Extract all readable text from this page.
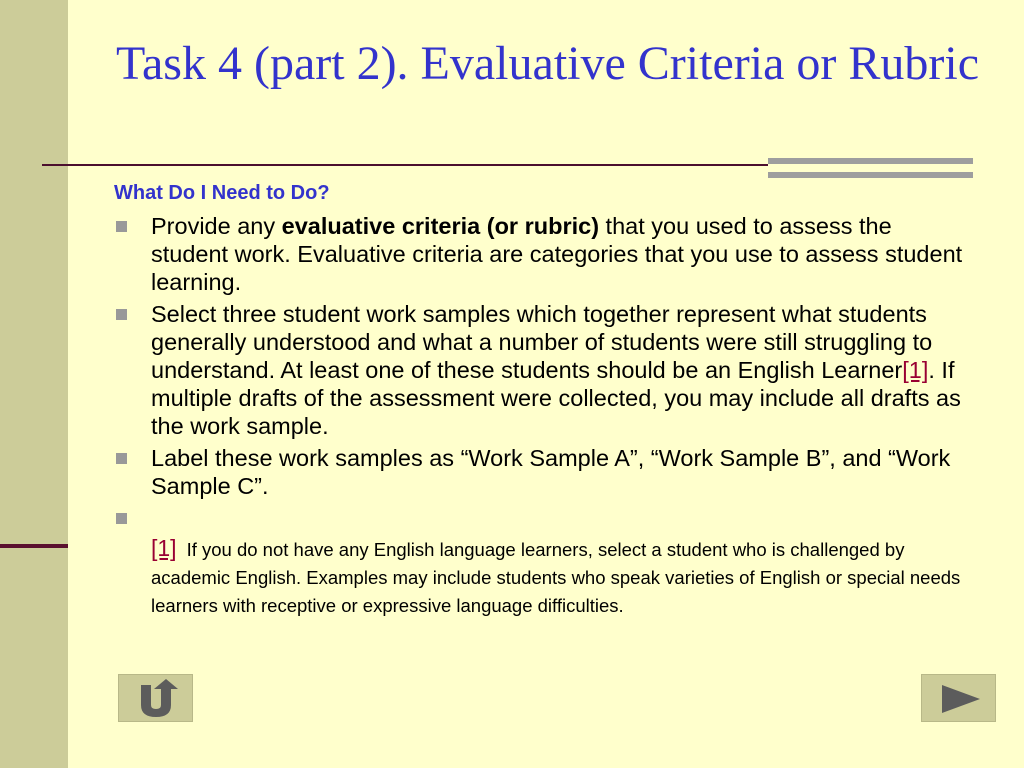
Task 4 (part 2). Evaluative Criteria or Rubric
What Do I Need to Do?
Provide any evaluative criteria (or rubric) that you used to assess the student work. Evaluative criteria are categories that you use to assess student learning.
Select three student work samples which together represent what students generally understood and what a number of students were still struggling to understand. At least one of these students should be an English Learner[1]. If multiple drafts of the assessment were collected, you may include all drafts as the work sample.
Label these work samples as “Work Sample A”, “Work Sample B”, and “Work Sample C”.
[1] If you do not have any English language learners, select a student who is challenged by academic English. Examples may include students who speak varieties of English or special needs learners with receptive or expressive language difficulties.
